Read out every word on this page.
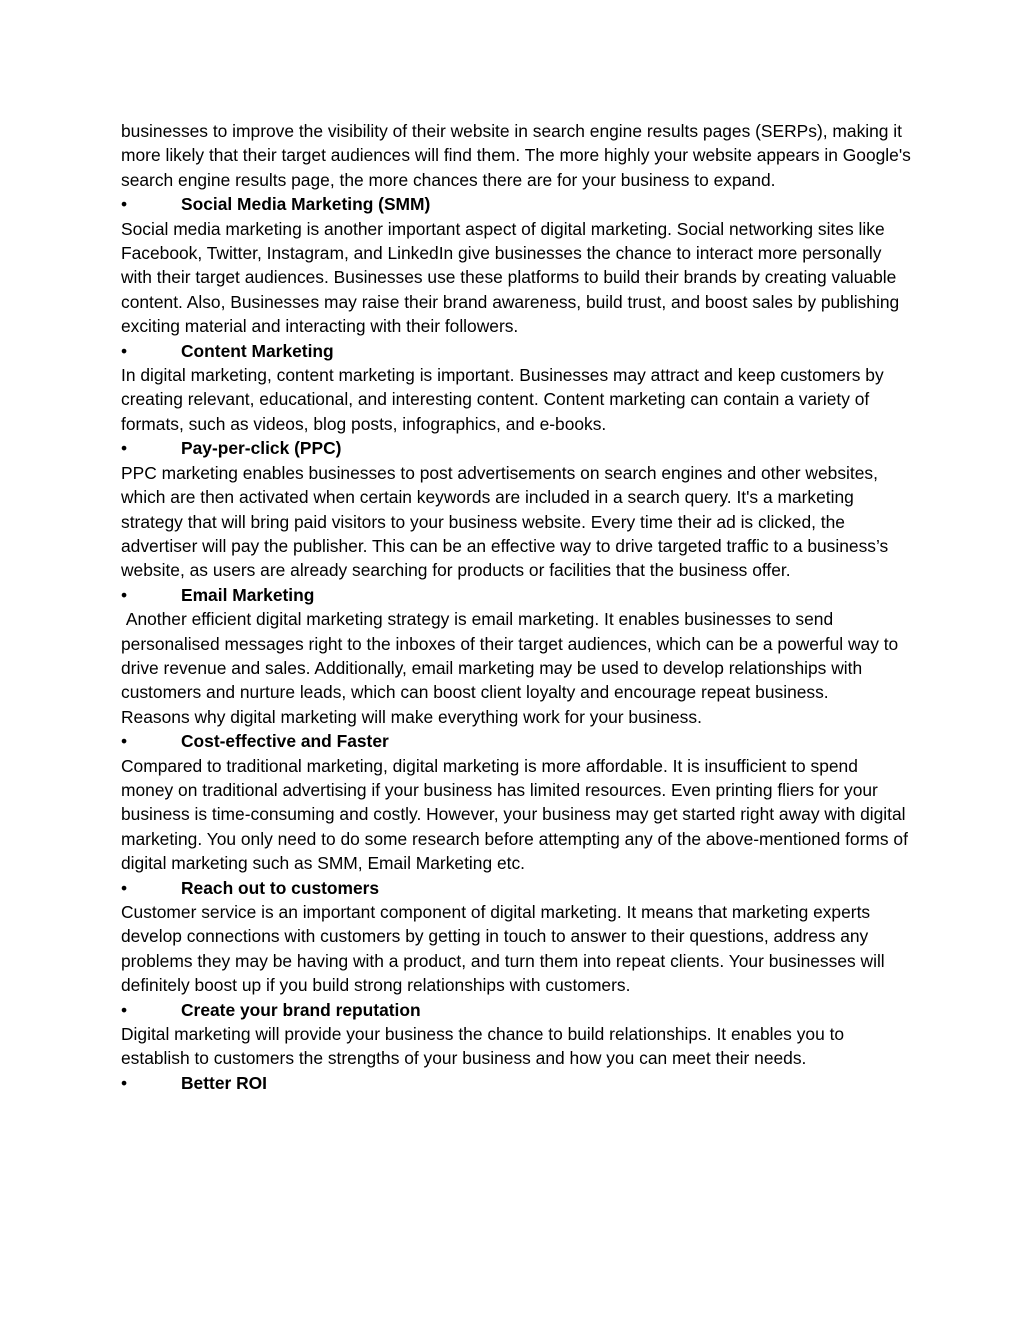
businesses to improve the visibility of their website in search engine results pages (SERPs), making it more likely that their target audiences will find them. The more highly your website appears in Google's search engine results page, the more chances there are for your business to expand.

•	Social Media Marketing (SMM)

Social media marketing is another important aspect of digital marketing. Social networking sites like Facebook, Twitter, Instagram, and LinkedIn give businesses the chance to interact more personally with their target audiences. Businesses use these platforms to build their brands by creating valuable content. Also, Businesses may raise their brand awareness, build trust, and boost sales by publishing exciting material and interacting with their followers.

•	Content Marketing

In digital marketing, content marketing is important. Businesses may attract and keep customers by creating relevant, educational, and interesting content. Content marketing can contain a variety of formats, such as videos, blog posts, infographics, and e-books.

•	Pay-per-click (PPC)

PPC marketing enables businesses to post advertisements on search engines and other websites, which are then activated when certain keywords are included in a search query. It's a marketing strategy that will bring paid visitors to your business website. Every time their ad is clicked, the advertiser will pay the publisher. This can be an effective way to drive targeted traffic to a business’s website, as users are already searching for products or facilities that the business offer.

•	Email Marketing

Another efficient digital marketing strategy is email marketing. It enables businesses to send personalised messages right to the inboxes of their target audiences, which can be a powerful way to drive revenue and sales. Additionally, email marketing may be used to develop relationships with customers and nurture leads, which can boost client loyalty and encourage repeat business.

Reasons why digital marketing will make everything work for your business.

•	Cost-effective and Faster

Compared to traditional marketing, digital marketing is more affordable. It is insufficient to spend money on traditional advertising if your business has limited resources. Even printing fliers for your business is time-consuming and costly. However, your business may get started right away with digital marketing. You only need to do some research before attempting any of the above-mentioned forms of digital marketing such as SMM, Email Marketing etc.

•	Reach out to customers

Customer service is an important component of digital marketing. It means that marketing experts develop connections with customers by getting in touch to answer to their questions, address any problems they may be having with a product, and turn them into repeat clients. Your businesses will definitely boost up if you build strong relationships with customers.

•	Create your brand reputation

Digital marketing will provide your business the chance to build relationships. It enables you to establish to customers the strengths of your business and how you can meet their needs.

•	Better ROI
